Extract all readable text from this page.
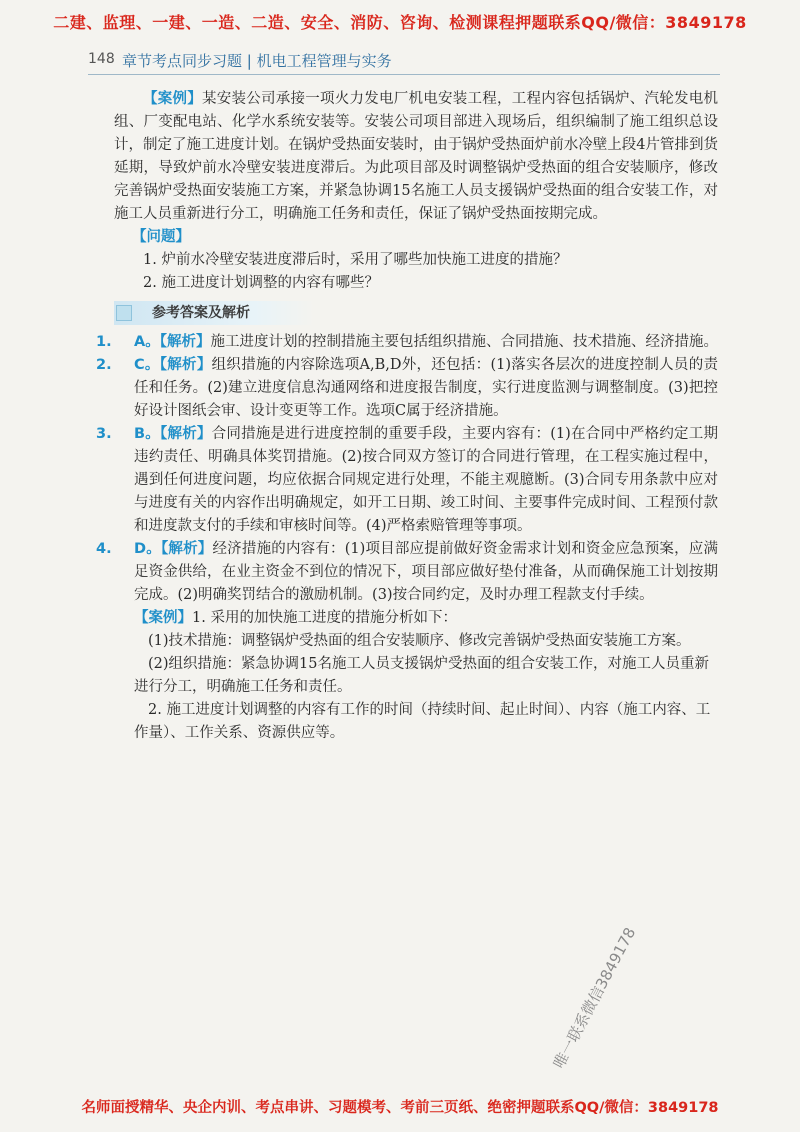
二建、监理、一建、一造、二造、安全、消防、咨询、检测课程押题联系QQ/微信：3849178
148 章节考点同步习题 | 机电工程管理与实务

【案例】某安装公司承接一项火力发电厂机电安装工程，工程内容包括锅炉、汽轮发电机组、厂变配电站、化学水系统安装等。安装公司项目部进入现场后，组织编制了施工组织总设计，制定了施工进度计划。在锅炉受热面安装时，由于锅炉受热面炉前水冷壁上段4片管排到货延期，导致炉前水冷壁安装进度滞后。为此项目部及时调整锅炉受热面的组合安装顺序，修改完善锅炉受热面安装施工方案，并紧急协调15名施工人员支援锅炉受热面的组合安装工作，对施工人员重新进行分工，明确施工任务和责任，保证了锅炉受热面按期完成。

【问题】

1. 炉前水冷壁安装进度滞后时，采用了哪些加快施工进度的措施？

2. 施工进度计划调整的内容有哪些？

参考答案及解析

1. A。【解析】施工进度计划的控制措施主要包括组织措施、合同措施、技术措施、经济措施。

2. C。【解析】组织措施的内容除选项A,B,D外，还包括：(1)落实各层次的进度控制人员的责任和任务。(2)建立进度信息沟通网络和进度报告制度，实行进度监测与调整制度。(3)把控好设计图纸会审、设计变更等工作。选项C属于经济措施。

3. B。【解析】合同措施是进行进度控制的重要手段，主要内容有：(1)在合同中严格约定工期违约责任、明确具体奖罚措施。(2)按合同双方签订的合同进行管理，在工程实施过程中，遇到任何进度问题，均应依据合同规定进行处理，不能主观臆断。(3)合同专用条款中应对与进度有关的内容作出明确规定，如开工日期、竣工时间、主要事件完成时间、工程预付款和进度款支付的手续和审核时间等。(4)严格索赔管理等事项。

4. D。【解析】经济措施的内容有：(1)项目部应提前做好资金需求计划和资金应急预案，应满足资金供给，在业主资金不到位的情况下，项目部应做好垫付准备，从而确保施工计划按期完成。(2)明确奖罚结合的激励机制。(3)按合同约定，及时办理工程款支付手续。

【案例】1. 采用的加快施工进度的措施分析如下：

(1)技术措施：调整锅炉受热面的组合安装顺序、修改完善锅炉受热面安装施工方案。

(2)组织措施：紧急协调15名施工人员支援锅炉受热面的组合安装工作，对施工人员重新进行分工，明确施工任务和责任。

2. 施工进度计划调整的内容有工作的时间（持续时间、起止时间）、内容（施工内容、工作量）、工作关系、资源供应等。

唯一联系微信3849178
名师面授精华、央企内训、考点串讲、习题模考、考前三页纸、绝密押题联系QQ/微信：3849178
